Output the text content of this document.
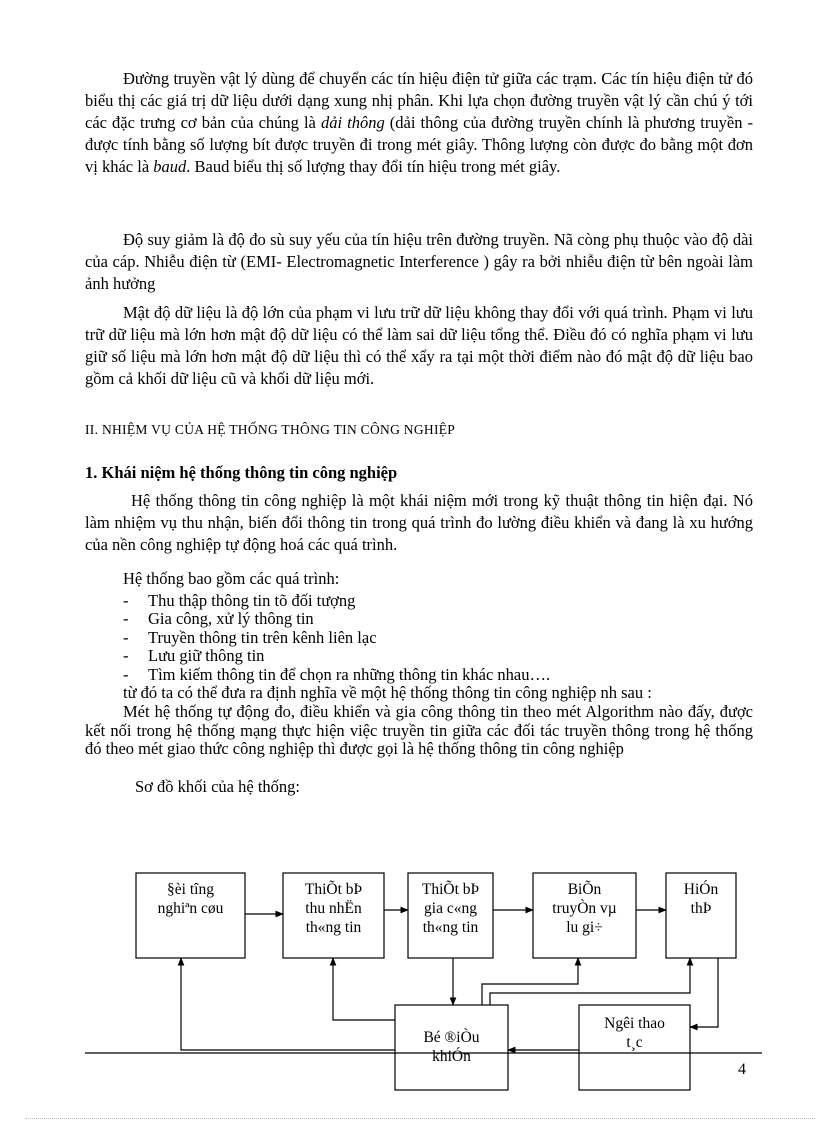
Đường truyền vật lý dùng để chuyển các tín hiệu điện tử giữa các trạm. Các tín hiệu điện tử đó biểu thị các giá trị dữ liệu dưới dạng xung nhị phân. Khi lựa chọn đường truyền vật lý cần chú ý tới các đặc trưng cơ bản của chúng là dải thông (dải thông của đường truyền chính là phương truyền - được tính bằng số lượng bít được truyền đi trong mét giây. Thông lượng còn được đo bằng một đơn vị khác là baud. Baud biểu thị số lượng thay đổi tín hiệu trong mét giây.

Độ suy giảm là độ đo sù suy yếu của tín hiệu trên đường truyền. Nã còng phụ thuộc vào độ dài của cáp. Nhiễu điện từ (EMI- Electromagnetic Interference ) gây ra bởi nhiễu điện từ bên ngoài làm ảnh hưởng

Mật độ dữ liệu là độ lớn của phạm vi lưu trữ dữ liệu không thay đổi với quá trình. Phạm vi lưu trữ dữ liệu mà lớn hơn mật độ dữ liệu có thể làm sai dữ liệu tổng thể. Điều đó có nghĩa phạm vi lưu giữ số liệu mà lớn hơn mật độ dữ liệu thì có thể xẩy ra tại một thời điểm nào đó mật độ dữ liệu bao gồm cả khối dữ liệu cũ và khối dữ liệu mới.

II. NHIỆM VỤ CỦA HỆ THỐNG THÔNG TIN CÔNG NGHIỆP

1. Khái niệm hệ thống thông tin công nghiệp

Hệ thống thông tin công nghiệp là một khái niệm mới trong kỹ thuật thông tin hiện đại. Nó làm nhiệm vụ thu nhận, biến đổi thông tin trong quá trình đo lường điều khiển và đang là xu hướng của nền công nghiệp tự động hoá các quá trình.

Hệ thống bao gồm các quá trình:
- Thu thập thông tin tõ đối tượng
- Gia công, xử lý thông tin
- Truyền thông tin trên kênh liên lạc
- Lưu giữ thông tin
- Tìm kiếm thông tin để chọn ra những thông tin khác nhau….

từ đó ta có thể đưa ra định nghĩa về một hệ thống thông tin công nghiệp nh sau :

Mét hệ thống tự động đo, điều khiển và gia công thông tin theo mét Algorithm nào đấy, được kết nối trong hệ thống mạng thực hiện việc truyền tin giữa các đối tác truyền thông trong hệ thống đó theo mét giao thức công nghiệp thì được gọi là hệ thống thông tin công nghiệp

Sơ đồ khối của hệ thống:

§èi tîng
nghiªn cøu
ThiÕt bÞ
thu nhËn
th«ng tin
ThiÕt bÞ
gia c«ng
th«ng tin
BiÕn
truyÒn vµ
lu gi÷
HiÓn
thÞ
Bé ®iÒu
khiÓn
Ngêi thao
t¸c
4
